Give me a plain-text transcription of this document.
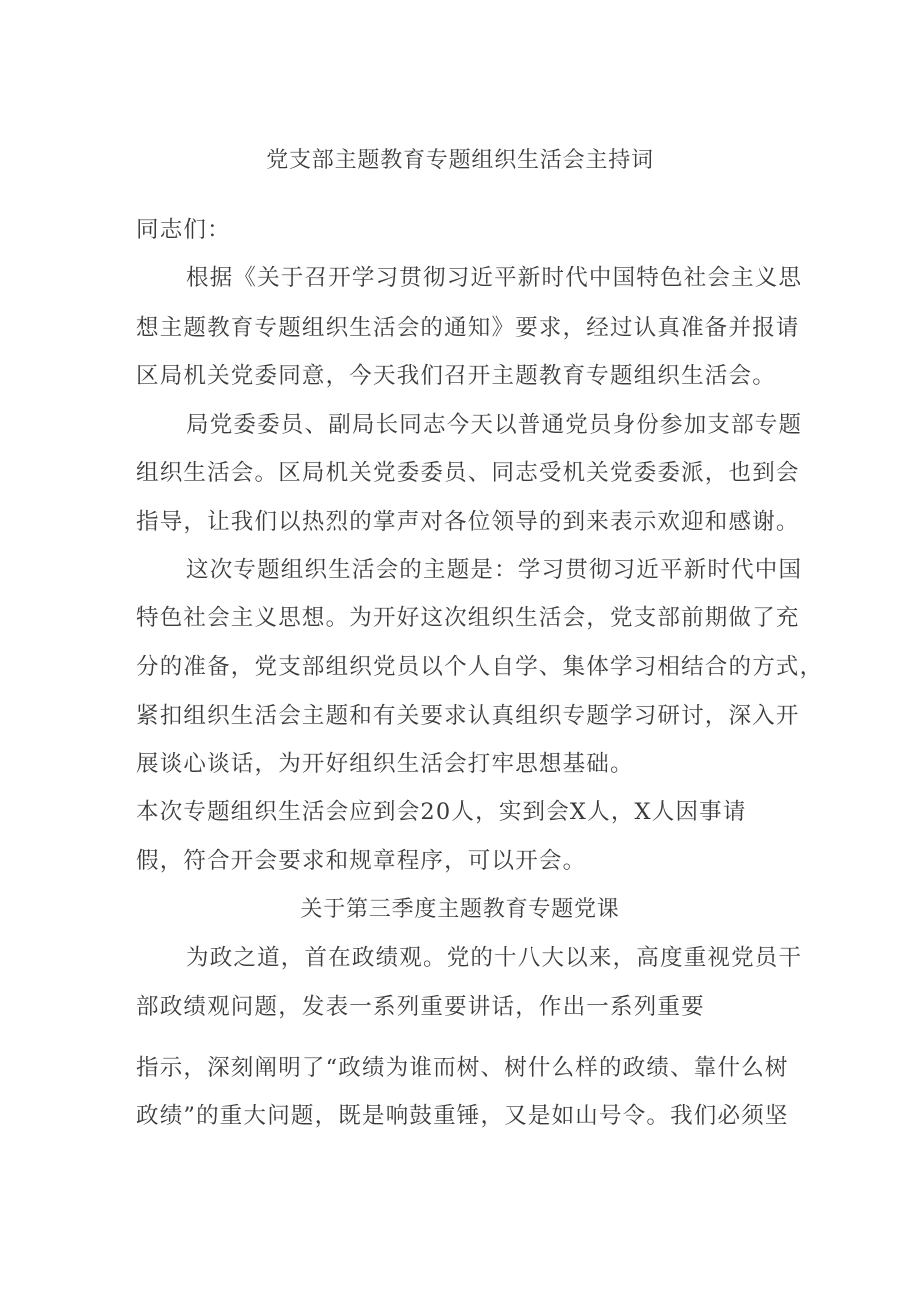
党支部主题教育专题组织生活会主持词
同志们：
根据《关于召开学习贯彻习近平新时代中国特色社会主义思
想主题教育专题组织生活会的通知》要求，经过认真准备并报请
区局机关党委同意，今天我们召开主题教育专题组织生活会。
局党委委员、副局长同志今天以普通党员身份参加支部专题
组织生活会。区局机关党委委员、同志受机关党委委派，也到会
指导，让我们以热烈的掌声对各位领导的到来表示欢迎和感谢。
这次专题组织生活会的主题是：学习贯彻习近平新时代中国
特色社会主义思想。为开好这次组织生活会，党支部前期做了充
分的准备，党支部组织党员以个人自学、集体学习相结合的方式，
紧扣组织生活会主题和有关要求认真组织专题学习研讨，深入开
展谈心谈话，为开好组织生活会打牢思想基础。
本次专题组织生活会应到会20人，实到会X人，X人因事请
假，符合开会要求和规章程序，可以开会。
关于第三季度主题教育专题党课
为政之道，首在政绩观。党的十八大以来，高度重视党员干
部政绩观问题，发表一系列重要讲话，作出一系列重要
指示，深刻阐明了“政绩为谁而树、树什么样的政绩、靠什么树
政绩”的重大问题，既是响鼓重锤，又是如山号令。我们必须坚
